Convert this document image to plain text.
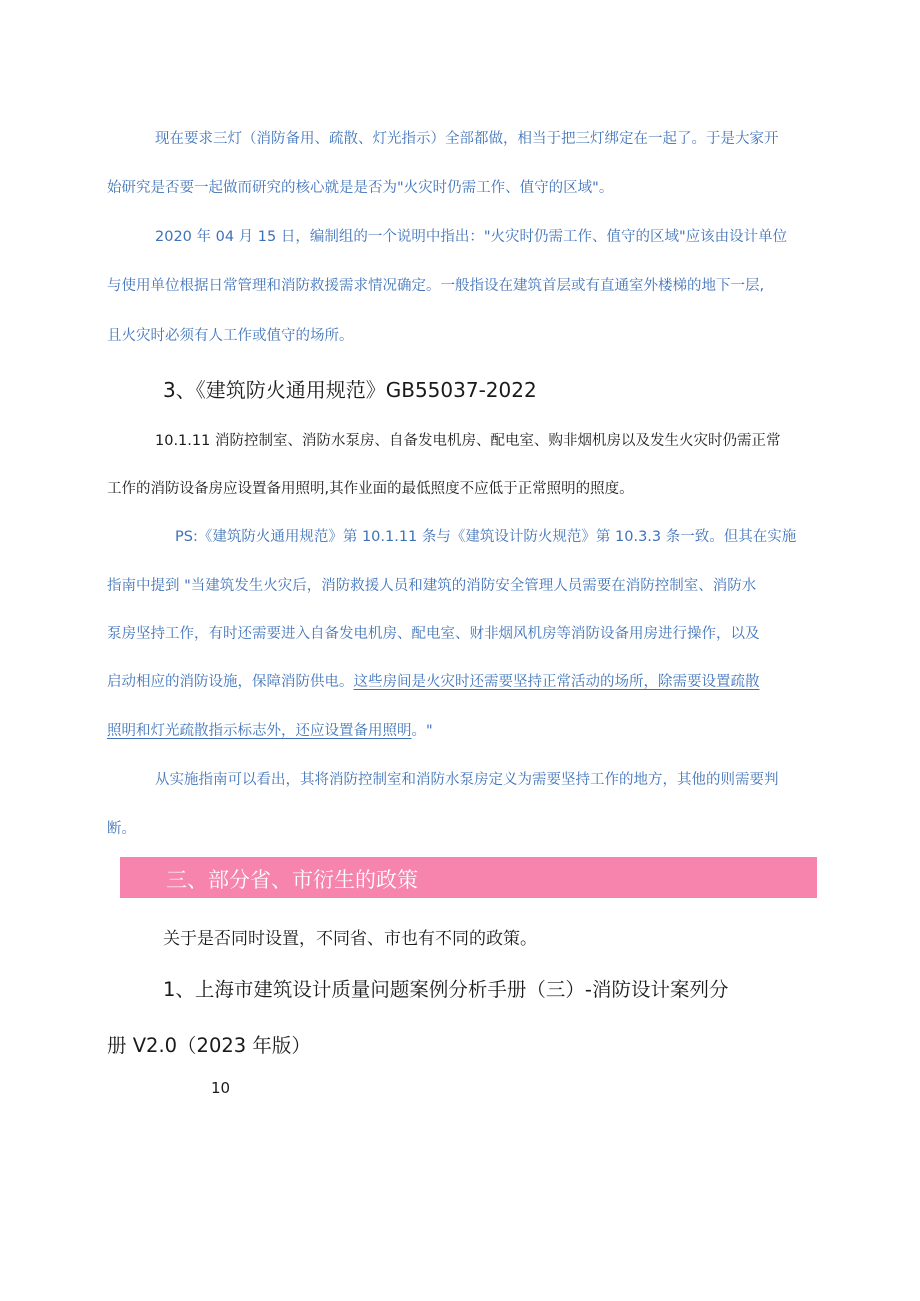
现在要求三灯（消防备用、疏散、灯光指示）全部都做，相当于把三灯绑定在一起了。于是大家开
始研究是否要一起做而研究的核心就是是否为"火灾时仍需工作、值守的区域"。
2020 年 04 月 15 日，编制组的一个说明中指出："火灾时仍需工作、值守的区域"应该由设计单位
与使用单位根据日常管理和消防救援需求情况确定。一般指设在建筑首层或有直通室外楼梯的地下一层,
且火灾时必须有人工作或值守的场所。
3、《建筑防火通用规范》GB55037-2022
10.1.11 消防控制室、消防水泵房、自备发电机房、配电室、购非烟机房以及发生火灾时仍需正常
工作的消防设备房应设置备用照明,其作业面的最低照度不应低于正常照明的照度。
PS:《建筑防火通用规范》第 10.1.11 条与《建筑设计防火规范》第 10.3.3 条一致。但其在实施
指南中提到 "当建筑发生火灾后，消防救援人员和建筑的消防安全管理人员需要在消防控制室、消防水
泵房坚持工作，有时还需要进入自备发电机房、配电室、财非烟风机房等消防设备用房进行操作，以及
启动相应的消防设施，保障消防供电。这些房间是火灾时还需要坚持正常活动的场所，除需要设置疏散
照明和灯光疏散指示标志外，还应设置备用照明。"
从实施指南可以看出，其将消防控制室和消防水泵房定义为需要坚持工作的地方，其他的则需要判
断。
三、部分省、市衍生的政策
关于是否同时设置，不同省、市也有不同的政策。
1、上海市建筑设计质量问题案例分析手册（三）-消防设计案列分
册 V2.0（2023 年版）
10
